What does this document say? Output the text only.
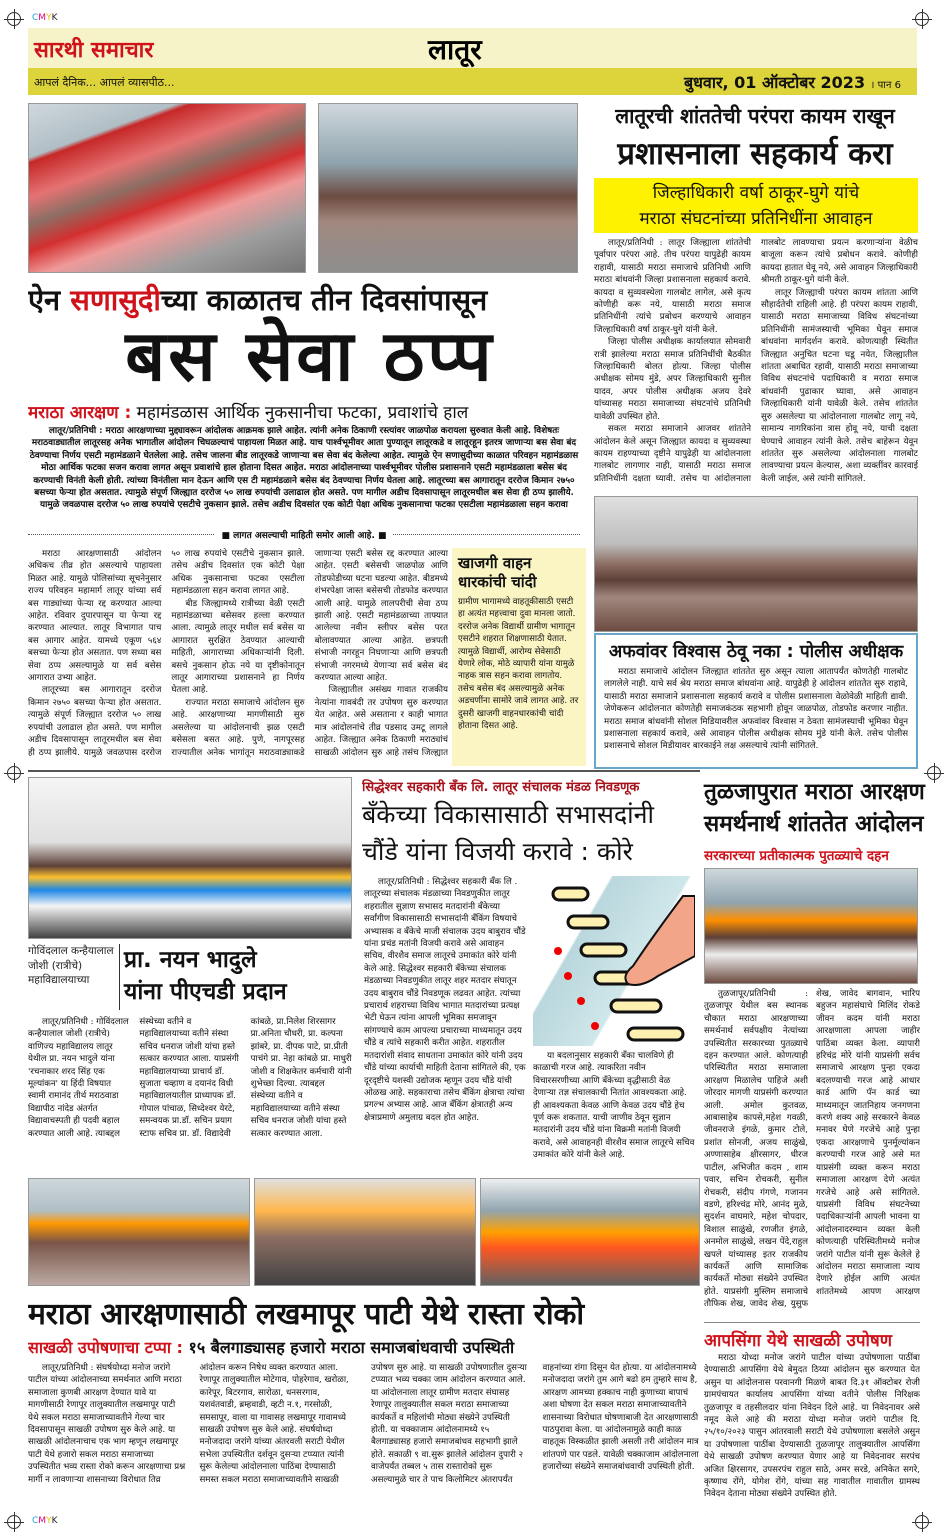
CMYK
CMYK
सारथी समाचार	लातूर
आपलं दैनिक... आपलं व्यासपीठ...	बुधवार, 01 ऑक्टोबर 2023 । पान 6
ऐन सणासुदीच्या काळातच तीन दिवसांपासून
बस सेवा ठप्प
मराठा आरक्षण : महामंडळास आर्थिक नुकसानीचा फटका, प्रवाशांचे हाल
लातूर/प्रतिनिधी : मराठा आरक्षणाच्या मुद्द्यावरून आंदोलक आक्रमक झाले आहेत. त्यांनी अनेक ठिकाणी रस्त्यांवर जाळपोळ करायला सुरुवात केली आहे. विशेषतः मराठवाड्यातील लातूरसह अनेक भागातील आंदोलन चिघळल्याचं पाहायला मिळत आहे. याच पार्श्वभूमीवर आता पुण्यातून लातूरकडे व लातूरहून इतरत्र जाणाऱ्या बस सेवा बंद ठेवण्याचा निर्णय एसटी महामंडळाने घेतलेला आहे. तसेच जालना बीड लातूरकडे जाणाऱ्या बस सेवा बंद केलेल्या आहेत. त्यामुळे ऐन सणासुदीच्या काळात परिवहन महामंडळास मोठा आर्थिक फटका सजन करावा लागत असून प्रवाशांचे हाल होताना दिसत आहेत. मराठा आंदोलनाच्या पार्श्वभूमीवर पोलीस प्रशासनाने एसटी महामंडळाला बसेस बंद करण्याची विनंती केली होती. त्यांच्या विनंतीला मान देऊन आणि एस टी महामंडळाने बसेस बंद ठेवण्याचा निर्णय घेतला आहे. लातूरच्या बस आगारातून दररोज किमान २७५० बसच्या फेऱ्या होत असतात. त्यामुळे संपूर्ण जिल्ह्यात दररोज ५० लाख रुपयांची उलाढाल होत असते. पण मागील अडीच दिवसापासून लातूरमधील बस सेवा ही ठप्प झालीये. यामुळे जवळपास दररोज ५० लाख रुपयांचे एसटीचे नुकसान झाले. तसेच अडीच दिवसांत एक कोटी पेक्षा अधिक नुकसानाचा फटका एसटीला महामंडळाला सहन करावा
■ लागत असल्याची माहिती समोर आली आहे. ■

मराठा आरक्षणासाठी आंदोलन अधिकच तीव्र होत असल्याचे पाहायला मिळत आहे. यामुळे पोलिसांच्या सूचनेनुसार राज्य परिवहन महामार्ग लातूर यांच्या सर्व बस गाड्यांच्या फेऱ्या रद्द करण्यात आल्या आहेत. रविवार दुपारपासून या फेऱ्या रद्द करण्यात आल्यात. लातूर विभागात पाच बस आगार आहेत. यामध्ये एकूण ५६४ बसच्या फेऱ्या होत असतात. पण सध्या बस सेवा ठप्प असल्यामुळे या सर्व बसेस आगारात उभ्या आहेत.

लातूरच्या बस आगारातून दररोज किमान २७५० बसच्या फेऱ्या होत असतात. त्यामुळे संपूर्ण जिल्ह्यात दररोज ५० लाख रुपयांची उलाढाल होत असते. पण मागील अडीच दिवसापासून लातूरमधील बस सेवा ही ठप्प झालीये. यामुळे जवळपास दररोज ५० लाख रुपयांचे एसटीचे नुकसान झाले. तसेच अडीच दिवसांत एक कोटी पेक्षा अधिक नुकसानाचा फटका एसटीला महामंडळाला सहन करावा लागत आहे.

बीड जिल्ह्यामध्ये रात्रीच्या वेळी एसटी महामंडळाच्या बसेसवर हल्ला करण्यात आला. त्यामुळे लातूर मधील सर्व बसेस या आगारात सुरक्षित ठेवण्यात आल्याची माहिती, आगाराच्या अधिकाऱ्यांनी दिली. बसचे नुकसान होऊ नये या दृष्टीकोनातून लातूर आगाराच्या प्रशासनाने हा निर्णय घेतला आहे.

राज्यात मराठा समाजाचे आंदोलन सुरु आहे. आरक्षणाच्या मागणीसाठी सुरु असलेल्या या आंदोलनाची झळ एसटी बसेसला बसत आहे. पुणे, नागपूरसह राज्यातील अनेक भागांतून मराठवाड्याकडे जाणाऱ्या एसटी बसेस रद्द करण्यात आल्या आहेत. एसटी बसेसची जाळपोळ आणि तोडफोडीच्या घटना घडल्या आहेत. बीडमध्ये शंभरपेक्षा जास्त बसेसची तोडफोड करण्यात आली आहे. यामुळे लालपरीची सेवा ठप्प झाली आहे. एसटी महामंडळाच्या ताफ्यात आलेल्या नवीन स्लीपर बसेस परत बोलावण्यात आल्या आहेत. छत्रपती संभाजी नगरहून निघणाऱ्या आणि छत्रपती संभाजी नगरमध्ये येणाऱ्या सर्व बसेस बंद करण्यात आल्या आहेत.

जिल्ह्यातील असंख्य गावात राजकीय नेत्यांना गावबंदी तर उपोषण सुरु करण्यात येत आहेत. असे असताना र काही भागात मात्र आंदोलनांचे तीव्र पडसाद उमटू लागले आहेत. जिल्ह्यात अनेक ठिकाणी मराठ्यांचं साखळी आंदोलन सुरु आहे तसंच जिल्ह्यात

खाजगी वाहन धारकांची चांदी
ग्रामीण भागामध्ये वाहतूकीसाठी एसटी हा अत्यंत महत्त्वाचा दुवा मानला जातो. दररोज अनेक विद्यार्थी ग्रामीण भागातून एसटीने शहरात शिक्षणासाठी येतात. त्यामुळे विद्यार्थी, आरोग्य सेवेसाठी येणारे लोक, मोठे व्यापारी यांना यामुळे नाहक त्रास सहन करावा लागतोय. तसेच बसेस बंद असल्यामुळे अनेक अडचणींना सामोरे जावे लागत आहे. तर दुसरी खाजगी वाहनधारकांची चांदी होताना दिसत आहे.
लातूरची शांततेची परंपरा कायम राखून
प्रशासनाला सहकार्य करा
जिल्हाधिकारी वर्षा ठाकूर-घुगे यांचे
मराठा संघटनांच्या प्रतिनिधींना आवाहन

लातूर/प्रतिनिधी : लातूर जिल्ह्याला शांततेची पूर्वापार परंपरा आहे. तीच परंपरा यापुढेही कायम राहावी, यासाठी मराठा समाजाचे प्रतिनिधी आणि मराठा बांधवांनी जिल्हा प्रशासनाला सहकार्य करावे. कायदा व सुव्यवस्थेला गालबोट लागेल, असे कृत्य कोणीही करू नये, यासाठी मराठा समाज प्रतिनिधींनी त्यांचे प्रबोधन करण्याचे आवाहन जिल्हाधिकारी वर्षा ठाकूर-घुगे यांनी केले.

जिल्हा पोलीस अधीक्षक कार्यालयात सोमवारी रात्री झालेल्या मराठा समाज प्रतिनिधींची बैठकीत जिल्हाधिकारी बोलत होत्या. जिल्हा पोलीस अधीक्षक सोमय मुंडे, अपर जिल्हाधिकारी सुनील यादव, अपर पोलीस अधीक्षक अजय देवरे यांच्यासह मराठा समाजाच्या संघटनांचे प्रतिनिधी यावेळी उपस्थित होते.

सकल मराठा समाजाने आजवर शांततेने आंदोलन केले असून जिल्ह्यात कायदा व सुव्यवस्था कायम राहण्याच्या दृष्टीने यापुढेही या आंदोलनाला गालबोट लागणार नाही, यासाठी मराठा समाज प्रतिनिधींनी दक्षता घ्यावी. तसेच या आंदोलनाला गालबोट लावण्याचा प्रयत्न करणाऱ्यांना वेळीच बाजूला करून त्यांचे प्रबोधन करावे. कोणीही कायदा हातात घेवू नये, असे आवाहन जिल्हाधिकारी श्रीमती ठाकूर-घुगे यांनी केले.

लातूर जिल्ह्याची परंपरा कायम शांतता आणि सौहार्दतेची राहिली आहे. ही परंपरा कायम राहावी, यासाठी मराठा समाजाच्या विविध संघटनांच्या प्रतिनिधींनी सामंजस्याची भूमिका घेवून समाज बांधवांना मार्गदर्शन करावे. कोणत्याही स्थितीत जिल्ह्यात अनुचित घटना घडू नयेत, जिल्ह्यातील शांतता अबाधित रहावी, यासाठी मराठा समाजाच्या विविध संघटनांचे पदाधिकारी व मराठा समाज बांधवांनी पुढाकार घ्यावा, असे आवाहन जिल्हाधिकारी यांनी यावेळी केले. तसेच शांततेत सुरु असलेल्या या आंदोलनाला गालबोट लागू नये, सामान्य नागरिकांना त्रास होवू नये, याची दक्षता घेण्याचे आवाहन त्यांनी केले. तसेच बाहेरून येवून शांततेत सुरु असलेल्या आंदोलनाला गालबोट लावण्याचा प्रयत्न केल्यास, अशा व्यक्तींवर कारवाई केली जाईल, असे त्यांनी सांगितले.

अफवांवर विश्वास ठेवू नका : पोलीस अधीक्षक
मराठा समाजाचे आंदोलन जिल्ह्यात शांततेत सुरु असून त्याला आतापर्यंत कोणतेही गालबोट लागलेले नाही. याचे सर्व श्रेय मराठा समाज बांधवांना आहे. यापुढेही हे आंदोलन शांततेत सुरु राहावे, यासाठी मराठा समाजाने प्रशासनाला सहकार्य करावे व पोलीस प्रशासनाला वेळोवेळी माहिती द्यावी. जेणेकरून आंदोलनात कोणतेही समाजकंठक सहभागी होवून जाळपोळ, तोडफोड करणार नाहीत. मराठा समाज बांधवांनी सोशल मिडियावरील अफवांवर विश्वास न ठेवता सामंजस्याची भूमिका घेवून प्रशासनाला सहकार्य करावे, असे आवाहन पोलीस अधीक्षक सोमय मुंडे यांनी केले. तसेच पोलीस प्रशासनाचे सोशल मिडीयावर बारकाईने लक्ष असल्याचे त्यांनी सांगितले.
गोविंदलाल कन्हैयालाल जोशी (रात्रीचे) महाविद्यालयाच्या
प्रा. नयन भादुले
यांना पीएचडी प्रदान

लातूर/प्रतिनिधी : गोविंदलाल कन्हैयालाल जोशी (रात्रीचे) वाणिज्य महाविद्यालय लातूर येथील प्रा. नयन भादुले यांना 'रचनाकार शरद सिंह एक मूल्यांकन' या हिंदी विषयात स्वामी रामानंद तीर्थ मराठवाडा विद्यापीठ नांदेड अंतर्गत विद्यावाचस्पती ही पदवी बहाल करण्यात आली आहे. त्याबद्दल संस्थेच्या वतीने व महाविद्यालयाच्या वतीने संस्था सचिव धनराज जोशी यांचा हस्ते सत्कार करण्यात आला. याप्रसंगी महाविद्यालयाच्या प्राचार्य डॉ. सुजाता चव्हाण व दयानंद विधी महाविद्यालयातील प्राध्यापक डॉ. गोपाल पांचाळ, सिध्देश्वर येरटे, समन्वयक प्रा.डॉ. सचिन प्रयाग स्टाफ सचिव प्रा. डॉ. विद्यादेवी कांबळे, प्रा.निलेश शिरसागर प्रा.अनिता चौधरी, प्रा. कल्पना झांबरे, प्रा. दीपक पाटे, प्रा.प्रीती पाचंगे प्रा. नेहा कांबळे प्रा. माधुरी जोशी व शिक्षकेतर कर्मचारी यांनी शुभेच्छा दिल्या. त्याबद्दल संस्थेच्या वतीने व महाविद्यालयाच्या वतीने संस्था सचिव धनराज जोशी यांचा हस्ते सत्कार करण्यात आला.

सिद्धेश्वर सहकारी बँक लि. लातूर संचालक मंडळ निवडणूक
बँकेच्या विकासासाठी सभासदांनी
चौंडे यांना विजयी करावे : कोरे

लातूर/प्रतिनिधी : सिद्धेश्वर सहकारी बँक लि . लातूरच्या संचालक मंडळाच्या निवडणुकीत लातूर शहरातील सुज्ञाण सभासद मतदारांनी बँकेच्या सर्वांगीण विकासासाठी सभासदांनी बँकिंग विषयाचे अभ्यासक व बँकेचे माजी संचालक उदय बाबुराव चौंडे यांना प्रचंड मतांनी विजयी करावे असे आवाहन सचिव, वीरशैव समाज लातूरचे उमाकांत कोरे यांनी केले आहे. सिद्धेश्वर सहकारी बँकेच्या संचालक मंडळाच्या निवडणुकीत लातूर शहर मतदार संघातून उदय बाबुराव चौंडे निवडणूक लढवत आहेत. त्यांच्या प्रचारार्थ शहराच्या विविध भागात मतदारांच्या प्रत्यक्ष भेटी घेऊन त्यांना आपली भूमिका समजावून सांगण्याचे काम आपल्या प्रचाराच्या माध्यमातून उदय चौंडे व त्यांचे सहकारी करीत आहेत. शहरातील मतदारांशी संवाद साधताना उमाकांत कोरे यांनी उदय चौंडे यांच्या कार्याची माहिती देताना सांगितले की, एक दूरदृष्टीचे यशस्वी उद्योजक म्हणून उदय चौंडे यांची ओळख आहे. सहकाराचा तसेच बँकिंग क्षेत्राचा त्यांचा प्रगल्भ अभ्यास आहे. आज बँकिंग क्षेत्रातही अन्य क्षेत्राप्रमाणे अमुलाग्र बदल होत आहेत.

या बदलानुसार सहकारी बँका चालविणे ही काळाची गरज आहे. त्याकरिता नवीन विचारसरणीच्या आणि बँकेच्या वृद्धीसाठी वेळ देणाऱ्या तज्ञ संचालकाची नितांत आवश्यकता आहे. ही आवश्यकता केवळ आणि केवळ उदय चौंडे हेच पूर्ण करू शकतात. याची जाणीव ठेवून सुज्ञान मतदारांनी उदय चौंडे यांना विक्रमी मतांनी विजयी करावे, असे आवाहनही वीरशैव समाज लातूरचे सचिव उमाकांत कोरे यांनी केले आहे.

तुळजापुरात मराठा आरक्षण
समर्थनार्थ शांततेत आंदोलन
सरकारच्या प्रतीकात्मक पुतळ्याचे दहन

तुळजापूर/प्रतिनिधी : तुळजापूर येथील बस स्थानक चौकात मराठा आरक्षणाच्या समर्थनार्थ सर्वपक्षीय नेत्यांच्या उपस्थितीत सरकारच्या पुतळ्याचे दहन करण्यात आले. कोणत्याही परिस्थितीत मराठा समाजाला आरक्षण मिळालेच पाहिजे अशी जोरदार मागणी याप्रसंगी करण्यात आली. अमोल कुतवळ, आबासाहेब कापसे,महेश गवळी, जीवनराजे इंगळे, कुमार टोले, प्रशांत सोनजी, अजय साळुंखे, अण्णासाहेब क्षीरसागर, धीरज पाटील, अभिजीत कदम , शाम पवार, सचिन रोचकरी, सुनील रोचकरी, संदीप गंगणे, गजानन वडणे, हरिश्चंद्र मोरे, आनंद मुळे, सुदर्शन वाघमारे, महेश चोपदार, विशाल साळुंखे, रणजीत इंगळे, अनमोल साळुंखे, लखन पेंदे,राहुल खपले यांच्यासह इतर राजकीय कार्यकर्ते आणि सामाजिक कार्यकर्ते मोठ्या संख्येने उपस्थित होते. याप्रसंगी मुस्लिम समाजाचे तौफिक शेख, जावेद शेख, युसुफ शेख, जावेद बागवान, भारिप बहुजन महासंघाचे मिलिंद रोकडे जीवन कदम यांनी मराठा आरक्षणाला आपला जाहीर पाठिंबा व्यक्त केला. व्यापारी हरिचंद्र मोरे यांनी याप्रसंगी सर्वच समाजाचे आरक्षण पुन्हा एकदा बदलण्याची गरज आहे आधार कार्ड आणि पॅन कार्ड च्या माध्यमातून जातनिहाय जनगणना करणे शक्य आहे सरकारने केवळ मनावर घेणे गरजेचे आहे पुन्हा एकदा आरक्षणाचे पुनर्मूल्यांकन करण्याची गरज आहे असे मत याप्रसंगी व्यक्त करून मराठा समाजाला आरक्षण देणे अत्यंत गरजेचे आहे असे सांगितले. याप्रसंगी विविध संघटनेच्या पदाधिकाऱ्यांनी आपली भावना या आंदोलनादरम्यान व्यक्त केली कोणत्याही परिस्थितीमध्ये मनोज जरांगे पाटील यांनी सुरू केलेले हे आंदोलन मराठा समाजाला न्याय देणारे होईल आणि अत्यंत शांततेमध्ये आपण आरक्षण

मराठा आरक्षणासाठी लखमापूर पाटी येथे रास्ता रोको
साखळी उपोषणाचा टप्पा : १५ बैलगाड्यासह हजारो मराठा समाजबांधवाची उपस्थिती

लातूर/प्रतिनिधी : संघर्षयोध्दा मनोज जरांगे पाटील यांच्या आंदोलनाच्या समर्थनात आणि मराठा समाजाला कुणबी आरक्षण देण्यात यावे या मागणीसाठी रेणापूर तालुक्यातील लखमापूर पाटी येथे सकल मराठा समाजाच्यावतीने गेल्या चार दिवसापासून साखळी उपोषण सुरु केले आहे. या साखळी आंदोलनाचाच एक भाग म्हणून लखमापूर पाटी येथे हजारो सकल मराठा समाजाच्या उपस्थितीत भव्य रास्ता रोको करून आरक्षणाचा प्रश्न मार्गी न लावणाऱ्या शासनाच्या विरोधात तिव्र आंदोलन करून निषेध व्यक्त करण्यात आला. रेणापूर तालुक्यातील मोटेगाव, पोहरेगाव, खरोळा, कारेपूर, बिटरगाव, सारोळा, धनसरगाव, यशवंतवाडी, ब्रम्हवाडी, व्हटी न.१, गरसोळी, समसापूर, वाला या गावासह लखमापूर गावामध्ये साखळी उपोषण सुरु केले आहे. संघर्षयोध्दा मनोजदादा जरांगे यांच्या अंतरवली सराटी येथील सभेला उपस्थितीत दर्शवून दुसऱ्या टप्प्यात त्यांनी सुरू केलेल्या आंदोलनाला पाठिंबा देण्यासाठी समस्त सकल मराठा समाजाच्यावतीने साखळी उपोषण सुरु आहे. या साखळी उपोषणातील दुसऱ्या टप्प्यात भव्य चक्का जाम आंदोलन करण्यात आले. या आंदोलनाला लातूर ग्रामीण मतदार संघासह रेणापूर तालुक्यातील सकल मराठा समाजाच्या कार्यकर्ते व महिलांची मोठ्या संख्येने उपस्थिती होती. या चक्काजाम आंदोलनामध्ये १५ बैलगाड्यासह हजारो समाजबांधव सहभागी झाले होते. सकाळी ९ वा.सुरू झालेले आंदोलन दुपारी २ वाजेपर्यंत तब्बल ५ तास रास्तारोको सुरू असल्यामुळे चार ते पाच किलोमिटर अंतरापर्यंत वाहनांच्या रांगा दिसून येत होत्या. या आंदोलनामध्ये मनोजदादा जरांगे तुम आगे बढो हम तुम्हारे साथ है, आरक्षण आमच्या हक्काच नाही कुणाच्या बापाचं अशा घोषणा देत सकल मराठा समाजाच्यावतीने शासनाच्या विरोधात घोषणाबाजी देत आरक्षणासाठी पाठपुरावा केला. या आंदोलनामुळे काही काळ वाहतूक विस्कळीत झाली असली तरी आंदोलन मात्र शांतपणे पार पडले. यावेळी चक्काजाम आंदोलनाला हजारोंच्या संख्येने समाजबांधवाची उपस्थिती होती.

आपसिंगा येथे साखळी उपोषण

मराठा योध्दा मनोज जरांगे पाटील यांच्या उपोषणाला पाठींबा देण्यासाठी आपसिंगा येथे बेमुदत ठिय्या आंदोलन सुरु करण्यात येत असुन या आंदोलनास परवानगी मिळणे बाबत दि.३१ ऑक्टोबर रोजी ग्रामपंचायत कार्यालय आपसिंगा यांच्या वतीने पोलीस निरिक्षक तुळजापूर व तहसीलदार यांना निवेदन दिले आहे. या निवेदनावर असे नमूद केले आहे की मराठा योध्दा मनोज जरांगे पाटील दि. २५/१०/२०२३ पासुन आंतरवाली सराटी येथे उपोषणाला बसलेले असुन या उपोषणाला पाठींबा देण्यासाठी तुळजापूर तालुक्यातील आपसिंगा येथे साखळी उपोषण करण्यात येणार आहे या निवेदनावर सरपंच अजित क्षिरसागर, उपसरपंच राहुल साठे, अमर सरडे, अनिकेत सगरे, कृष्णाथ रोंगे, योगेश रोंगे, यांच्या सह गावातील गावातील ग्रामस्थ निवेदन देताना मोठ्या संख्येने उपस्थित होते.
